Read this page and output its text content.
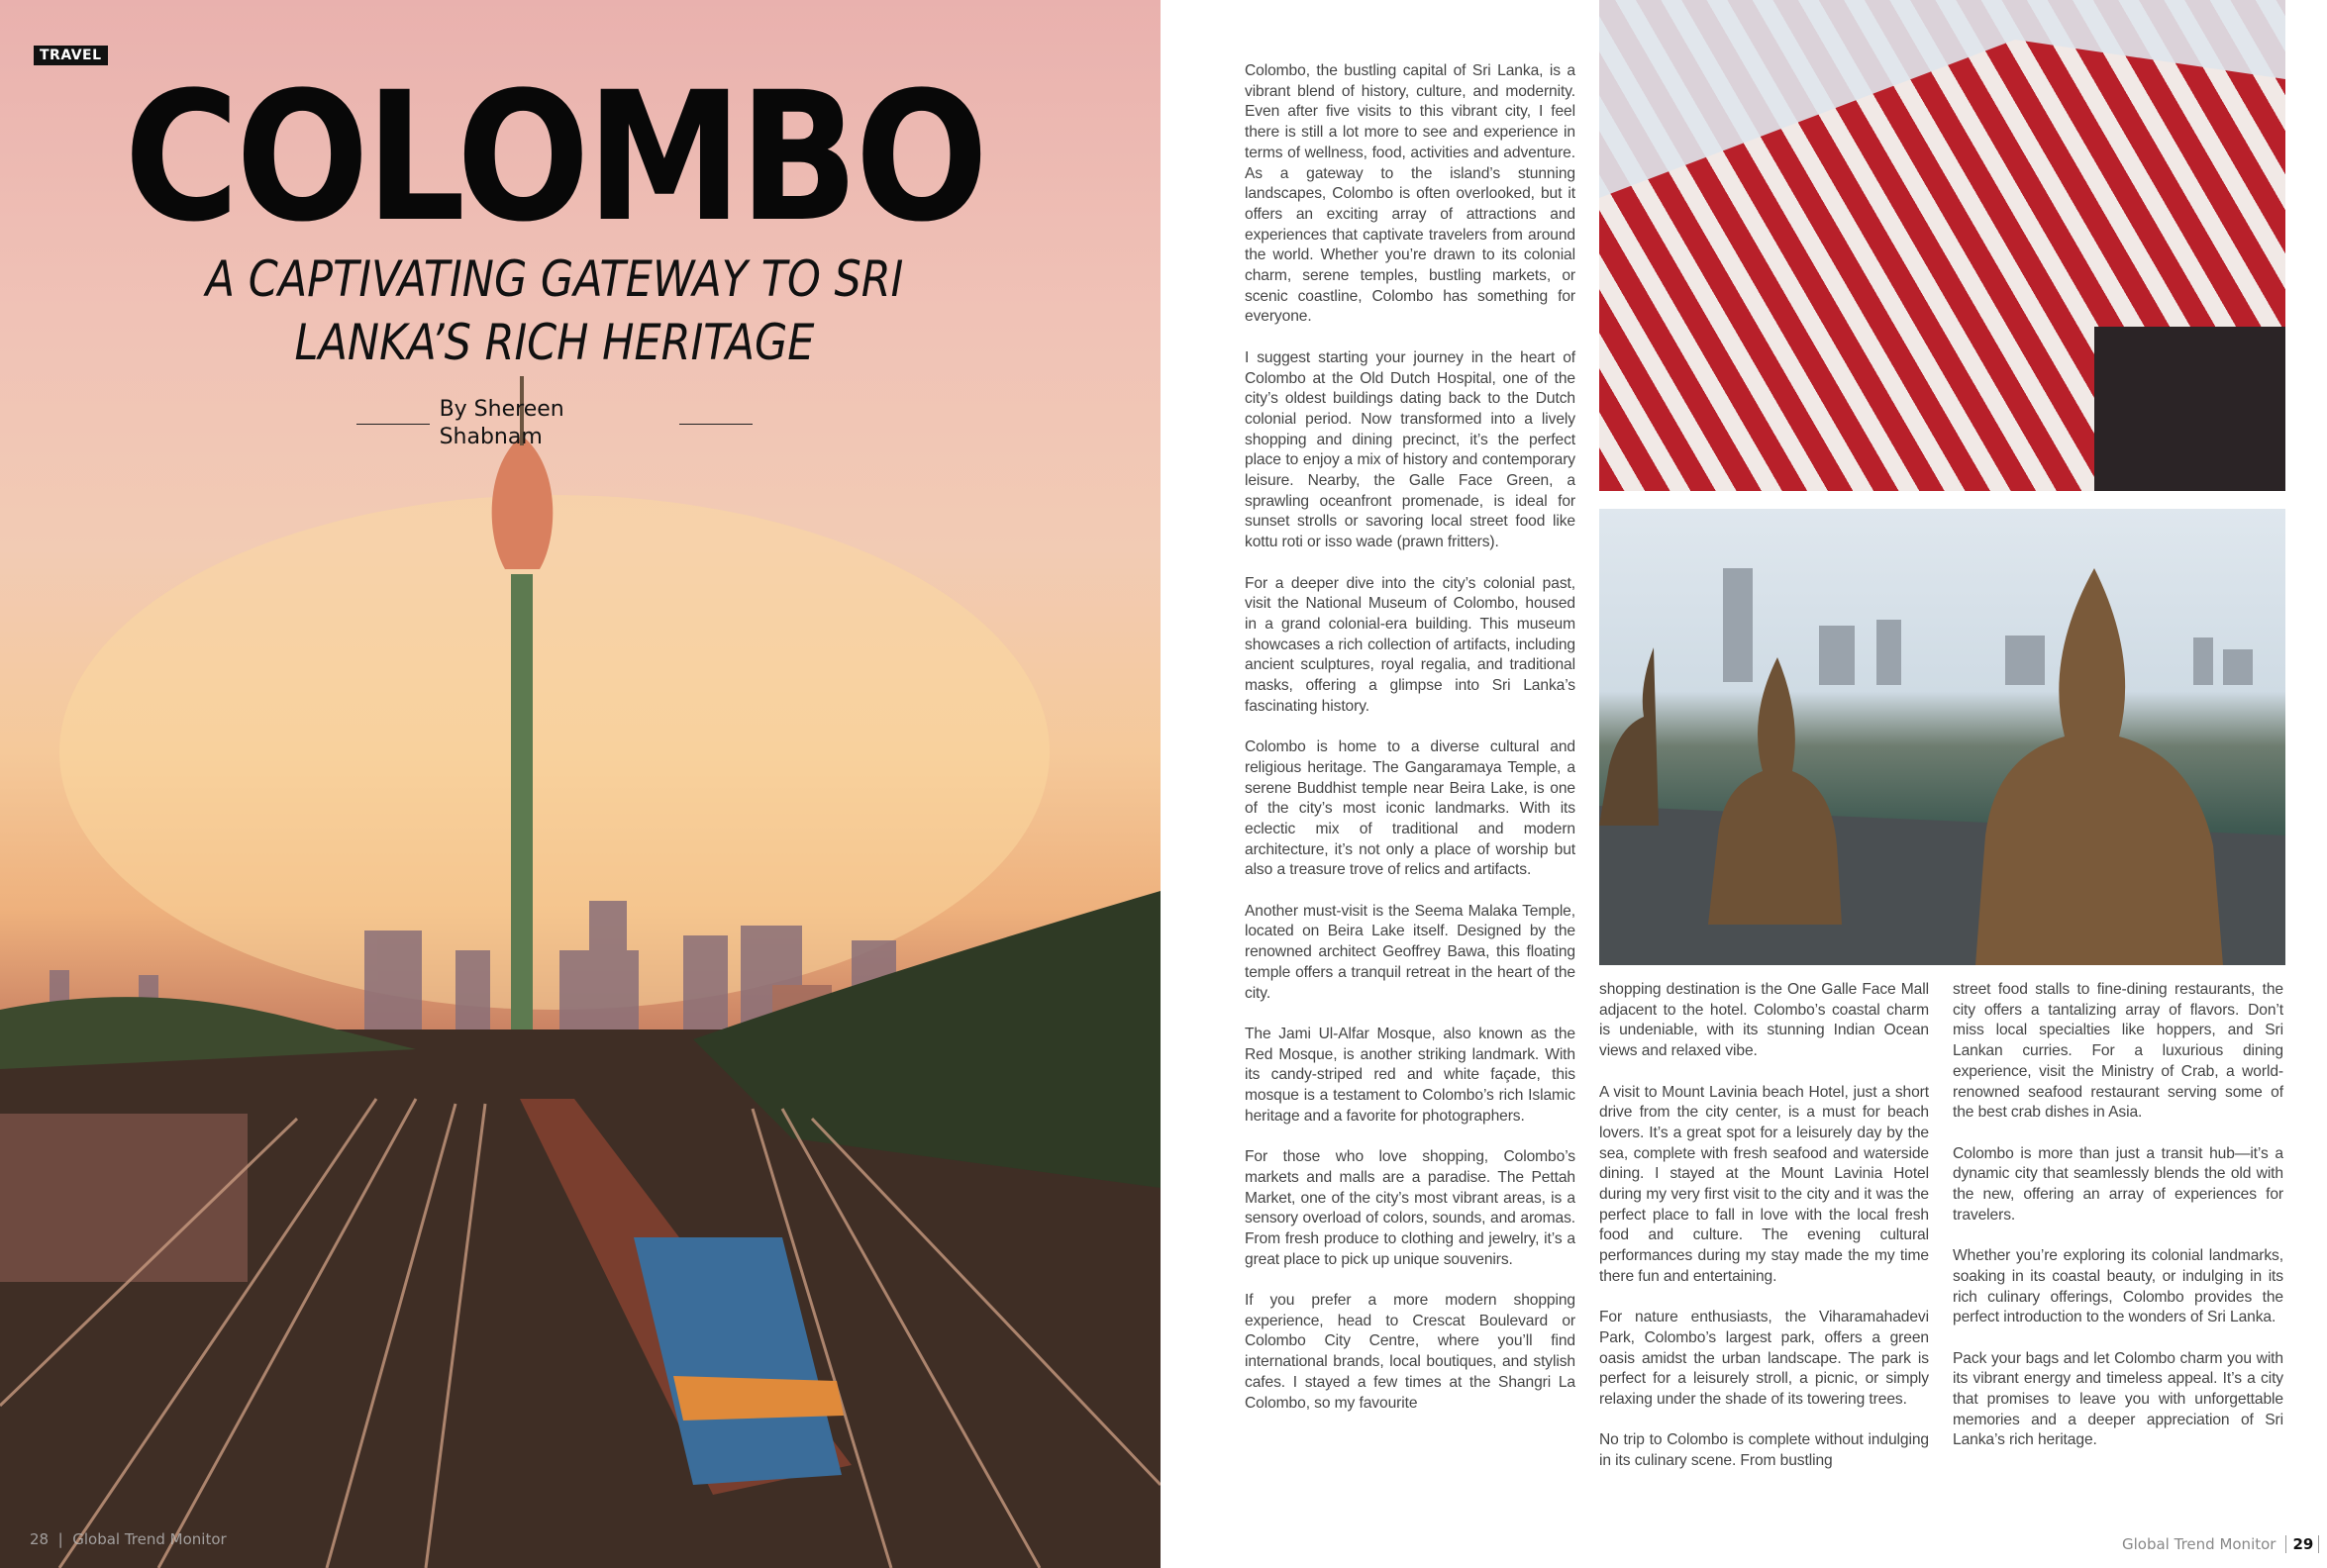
TRAVEL COLOMBO
A CAPTIVATING GATEWAY TO SRI
LANKA’S RICH HERITAGE
By Shereen Shabnam
28  |  Global Trend Monitor

Colombo, the bustling capital of Sri Lanka, is a vibrant blend of history, culture, and modernity. Even after five visits to this vibrant city, I feel there is still a lot more to see and experience in terms of wellness, food, activities and adventure. As a gateway to the island’s stunning landscapes, Colombo is often overlooked, but it offers an exciting array of attractions and experiences that captivate travelers from around the world. Whether you’re drawn to its colonial charm, serene temples, bustling markets, or scenic coastline, Colombo has something for everyone.

I suggest starting your journey in the heart of Colombo at the Old Dutch Hospital, one of the city’s oldest buildings dating back to the Dutch colonial period. Now transformed into a lively shopping and dining precinct, it’s the perfect place to enjoy a mix of history and contemporary leisure. Nearby, the Galle Face Green, a sprawling oceanfront promenade, is ideal for sunset strolls or savoring local street food like kottu roti or isso wade (prawn fritters).

For a deeper dive into the city’s colonial past, visit the National Museum of Colombo, housed in a grand colonial-era building. This museum showcases a rich collection of artifacts, including ancient sculptures, royal regalia, and traditional masks, offering a glimpse into Sri Lanka’s fascinating history.

Colombo is home to a diverse cultural and religious heritage. The Gangaramaya Temple, a serene Buddhist temple near Beira Lake, is one of the city’s most iconic landmarks. With its eclectic mix of traditional and modern architecture, it’s not only a place of worship but also a treasure trove of relics and artifacts.

Another must-visit is the Seema Malaka Temple, located on Beira Lake itself. Designed by the renowned architect Geoffrey Bawa, this floating temple offers a tranquil retreat in the heart of the city.

The Jami Ul-Alfar Mosque, also known as the Red Mosque, is another striking landmark. With its candy-striped red and white façade, this mosque is a testament to Colombo’s rich Islamic heritage and a favorite for photographers.

For those who love shopping, Colombo’s markets and malls are a paradise. The Pettah Market, one of the city’s most vibrant areas, is a sensory overload of colors, sounds, and aromas. From fresh produce to clothing and jewelry, it’s a great place to pick up unique souvenirs.

If you prefer a more modern shopping experience, head to Crescat Boulevard or Colombo City Centre, where you’ll find international brands, local boutiques, and stylish cafes. I stayed a few times at the Shangri La Colombo, so my favourite

shopping destination is the One Galle Face Mall adjacent to the hotel. Colombo’s coastal charm is undeniable, with its stunning Indian Ocean views and relaxed vibe.

A visit to Mount Lavinia beach Hotel, just a short drive from the city center, is a must for beach lovers. It’s a great spot for a leisurely day by the sea, complete with fresh seafood and waterside dining. I stayed at the Mount Lavinia Hotel during my very first visit to the city and it was the perfect place to fall in love with the local fresh food and culture. The evening cultural performances during my stay made the my time there fun and entertaining.

For nature enthusiasts, the Viharamahadevi Park, Colombo’s largest park, offers a green oasis amidst the urban landscape. The park is perfect for a leisurely stroll, a picnic, or simply relaxing under the shade of its towering trees.

No trip to Colombo is complete without indulging in its culinary scene. From bustling

street food stalls to fine-dining restaurants, the city offers a tantalizing array of flavors. Don’t miss local specialties like hoppers, and Sri Lankan curries. For a luxurious dining experience, visit the Ministry of Crab, a world-renowned seafood restaurant serving some of the best crab dishes in Asia.

Colombo is more than just a transit hub—it’s a dynamic city that seamlessly blends the old with the new, offering an array of experiences for travelers.

Whether you’re exploring its colonial landmarks, soaking in its coastal beauty, or indulging in its rich culinary offerings, Colombo provides the perfect introduction to the wonders of Sri Lanka.

Pack your bags and let Colombo charm you with its vibrant energy and timeless appeal. It’s a city that promises to leave you with unforgettable memories and a deeper appreciation of Sri Lanka’s rich heritage.

Global Trend Monitor 29
